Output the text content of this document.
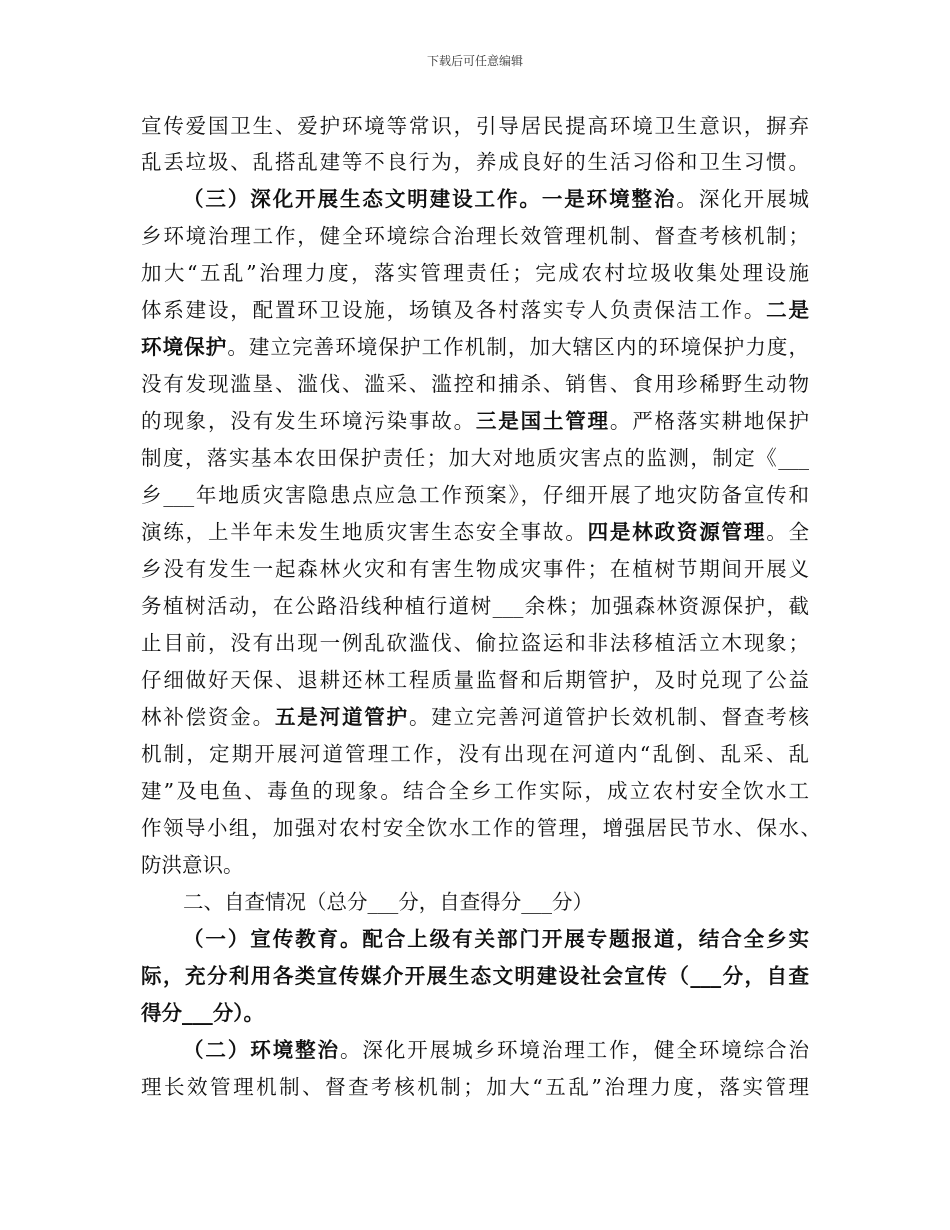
下载后可任意编辑
宣传爱国卫生、爱护环境等常识，引导居民提高环境卫生意识，摒弃
乱丢垃圾、乱搭乱建等不良行为，养成良好的生活习俗和卫生习惯。
（三）深化开展生态文明建设工作。一是环境整治。深化开展城
乡环境治理工作，健全环境综合治理长效管理机制、督查考核机制；
加大“五乱”治理力度，落实管理责任；完成农村垃圾收集处理设施
体系建设，配置环卫设施，场镇及各村落实专人负责保洁工作。二是
环境保护。建立完善环境保护工作机制，加大辖区内的环境保护力度，
没有发现滥垦、滥伐、滥采、滥控和捕杀、销售、食用珍稀野生动物
的现象，没有发生环境污染事故。三是国土管理。严格落实耕地保护
制度，落实基本农田保护责任；加大对地质灾害点的监测，制定《___
乡___年地质灾害隐患点应急工作预案》，仔细开展了地灾防备宣传和
演练，上半年未发生地质灾害生态安全事故。四是林政资源管理。全
乡没有发生一起森林火灾和有害生物成灾事件；在植树节期间开展义
务植树活动，在公路沿线种植行道树___余株；加强森林资源保护，截
止目前，没有出现一例乱砍滥伐、偷拉盗运和非法移植活立木现象；
仔细做好天保、退耕还林工程质量监督和后期管护，及时兑现了公益
林补偿资金。五是河道管护。建立完善河道管护长效机制、督查考核
机制，定期开展河道管理工作，没有出现在河道内“乱倒、乱采、乱
建”及电鱼、毒鱼的现象。结合全乡工作实际，成立农村安全饮水工
作领导小组，加强对农村安全饮水工作的管理，增强居民节水、保水、
防洪意识。
二、自查情况（总分___分，自查得分___分）
（一）宣传教育。配合上级有关部门开展专题报道，结合全乡实
际，充分利用各类宣传媒介开展生态文明建设社会宣传（___分，自查
得分___分）。
（二）环境整治。深化开展城乡环境治理工作，健全环境综合治
理长效管理机制、督查考核机制；加大“五乱”治理力度，落实管理
